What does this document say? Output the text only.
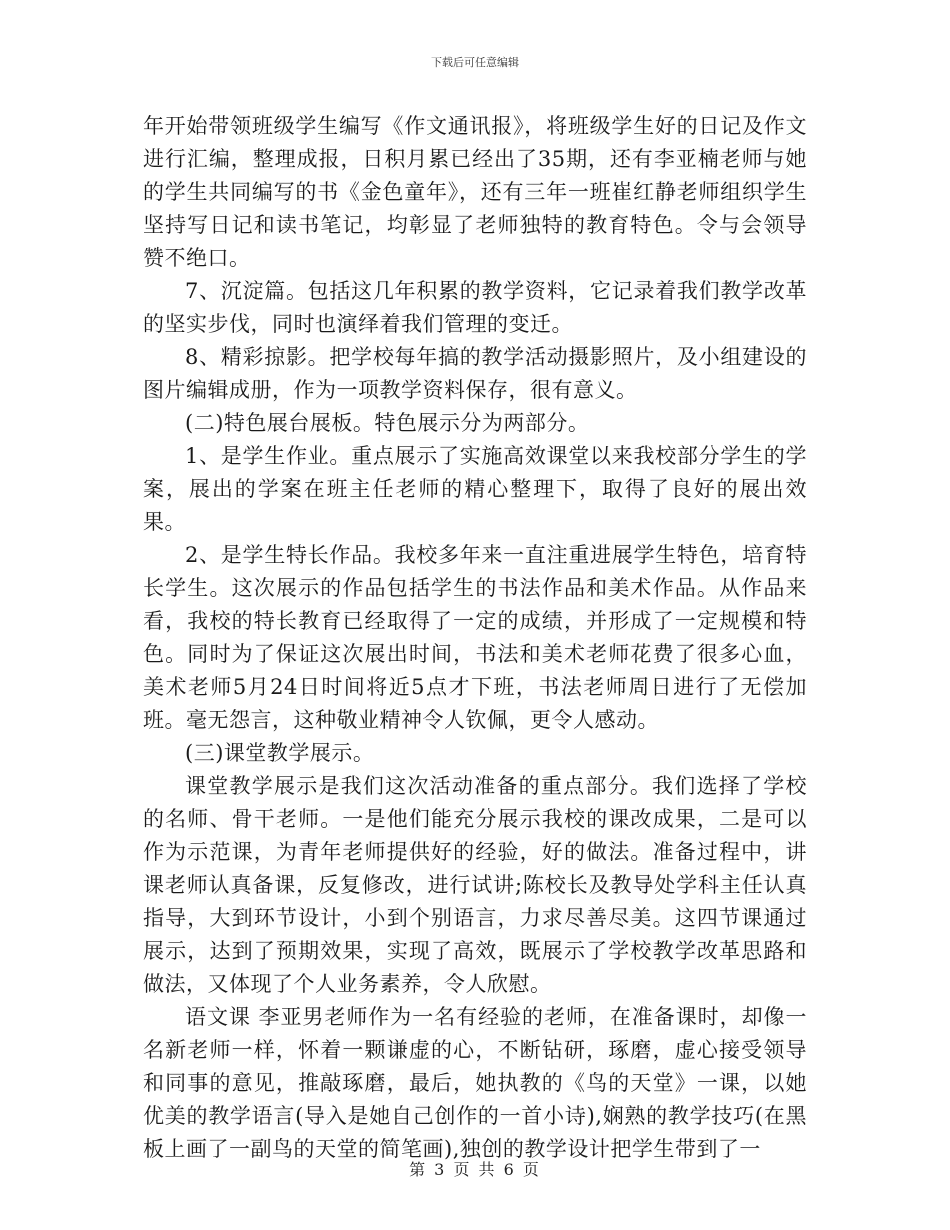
下载后可任意编辑

年开始带领班级学生编写《作文通讯报》，将班级学生好的日记及作文进行汇编，整理成报，日积月累已经出了35期，还有李亚楠老师与她的学生共同编写的书《金色童年》，还有三年一班崔红静老师组织学生坚持写日记和读书笔记，均彰显了老师独特的教育特色。令与会领导赞不绝口。

7、沉淀篇。包括这几年积累的教学资料，它记录着我们教学改革的坚实步伐，同时也演绎着我们管理的变迁。

8、精彩掠影。把学校每年搞的教学活动摄影照片，及小组建设的图片编辑成册，作为一项教学资料保存，很有意义。

(二)特色展台展板。特色展示分为两部分。

1、是学生作业。重点展示了实施高效课堂以来我校部分学生的学案，展出的学案在班主任老师的精心整理下，取得了良好的展出效果。

2、是学生特长作品。我校多年来一直注重进展学生特色，培育特长学生。这次展示的作品包括学生的书法作品和美术作品。从作品来看，我校的特长教育已经取得了一定的成绩，并形成了一定规模和特色。同时为了保证这次展出时间，书法和美术老师花费了很多心血，美术老师5月24日时间将近5点才下班，书法老师周日进行了无偿加班。毫无怨言，这种敬业精神令人钦佩，更令人感动。

(三)课堂教学展示。

课堂教学展示是我们这次活动准备的重点部分。我们选择了学校的名师、骨干老师。一是他们能充分展示我校的课改成果，二是可以作为示范课，为青年老师提供好的经验，好的做法。准备过程中，讲课老师认真备课，反复修改，进行试讲;陈校长及教导处学科主任认真指导，大到环节设计，小到个别语言，力求尽善尽美。这四节课通过展示，达到了预期效果，实现了高效，既展示了学校教学改革思路和做法，又体现了个人业务素养，令人欣慰。

语文课 李亚男老师作为一名有经验的老师，在准备课时，却像一名新老师一样，怀着一颗谦虚的心，不断钻研，琢磨，虚心接受领导和同事的意见，推敲琢磨，最后，她执教的《鸟的天堂》一课，以她优美的教学语言(导入是她自己创作的一首小诗),娴熟的教学技巧(在黑板上画了一副鸟的天堂的简笔画),独创的教学设计把学生带到了一

第 3 页 共 6 页
